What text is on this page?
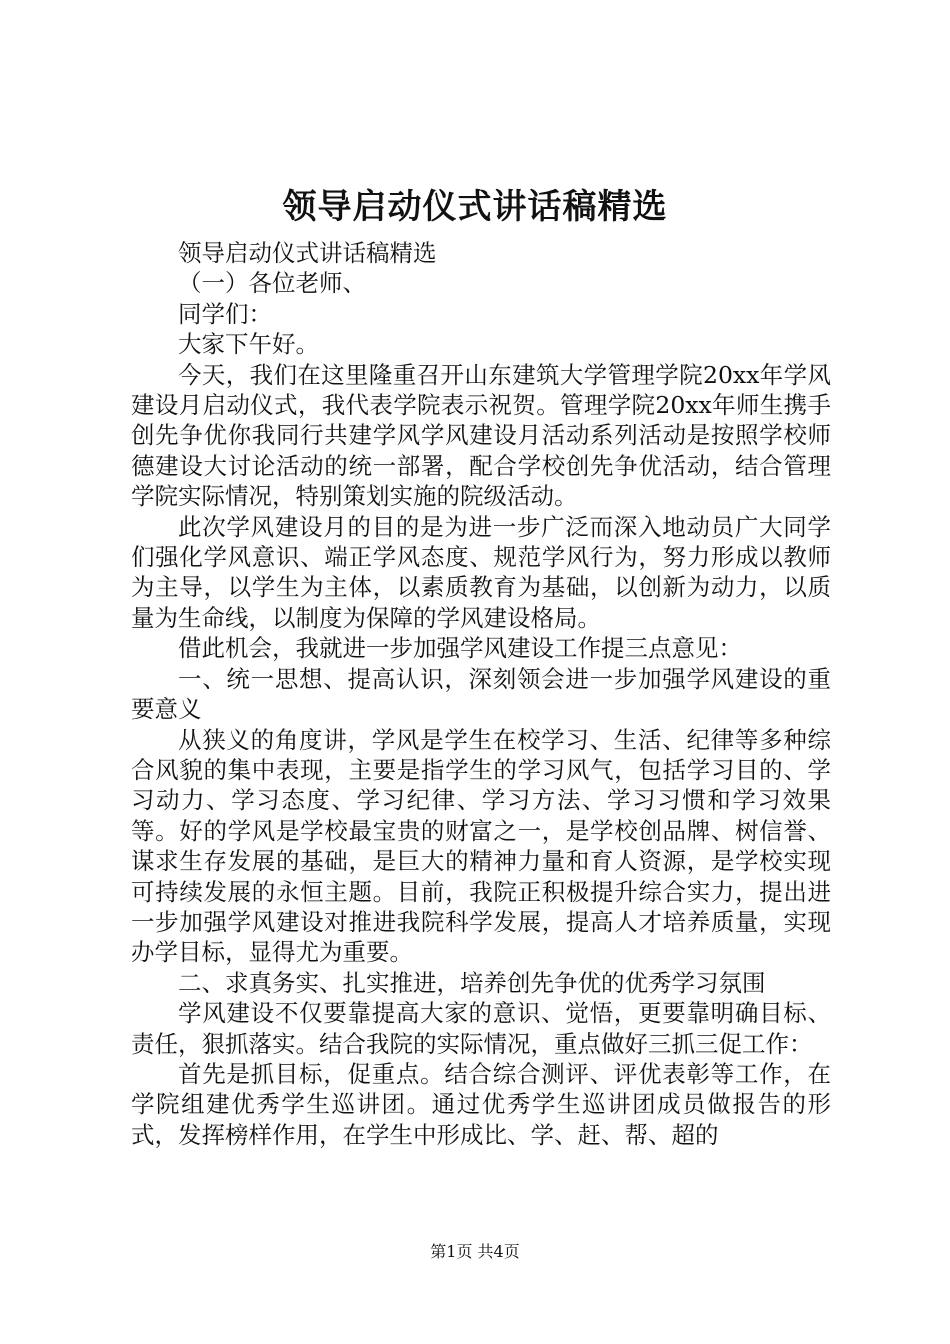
领导启动仪式讲话稿精选

领导启动仪式讲话稿精选

（一）各位老师、

同学们：

大家下午好。

今天，我们在这里隆重召开山东建筑大学管理学院20xx年学风建设月启动仪式，我代表学院表示祝贺。管理学院20xx年师生携手创先争优你我同行共建学风学风建设月活动系列活动是按照学校师德建设大讨论活动的统一部署，配合学校创先争优活动，结合管理学院实际情况，特别策划实施的院级活动。

此次学风建设月的目的是为进一步广泛而深入地动员广大同学们强化学风意识、端正学风态度、规范学风行为，努力形成以教师为主导，以学生为主体，以素质教育为基础，以创新为动力，以质量为生命线，以制度为保障的学风建设格局。

借此机会，我就进一步加强学风建设工作提三点意见：

一、统一思想、提高认识，深刻领会进一步加强学风建设的重要意义

从狭义的角度讲，学风是学生在校学习、生活、纪律等多种综合风貌的集中表现，主要是指学生的学习风气，包括学习目的、学习动力、学习态度、学习纪律、学习方法、学习习惯和学习效果等。好的学风是学校最宝贵的财富之一，是学校创品牌、树信誉、谋求生存发展的基础，是巨大的精神力量和育人资源，是学校实现可持续发展的永恒主题。目前，我院正积极提升综合实力，提出进一步加强学风建设对推进我院科学发展，提高人才培养质量，实现办学目标，显得尤为重要。

二、求真务实、扎实推进，培养创先争优的优秀学习氛围

学风建设不仅要靠提高大家的意识、觉悟，更要靠明确目标、责任，狠抓落实。结合我院的实际情况，重点做好三抓三促工作：

首先是抓目标，促重点。结合综合测评、评优表彰等工作，在学院组建优秀学生巡讲团。通过优秀学生巡讲团成员做报告的形式，发挥榜样作用，在学生中形成比、学、赶、帮、超的

第1页 共4页
